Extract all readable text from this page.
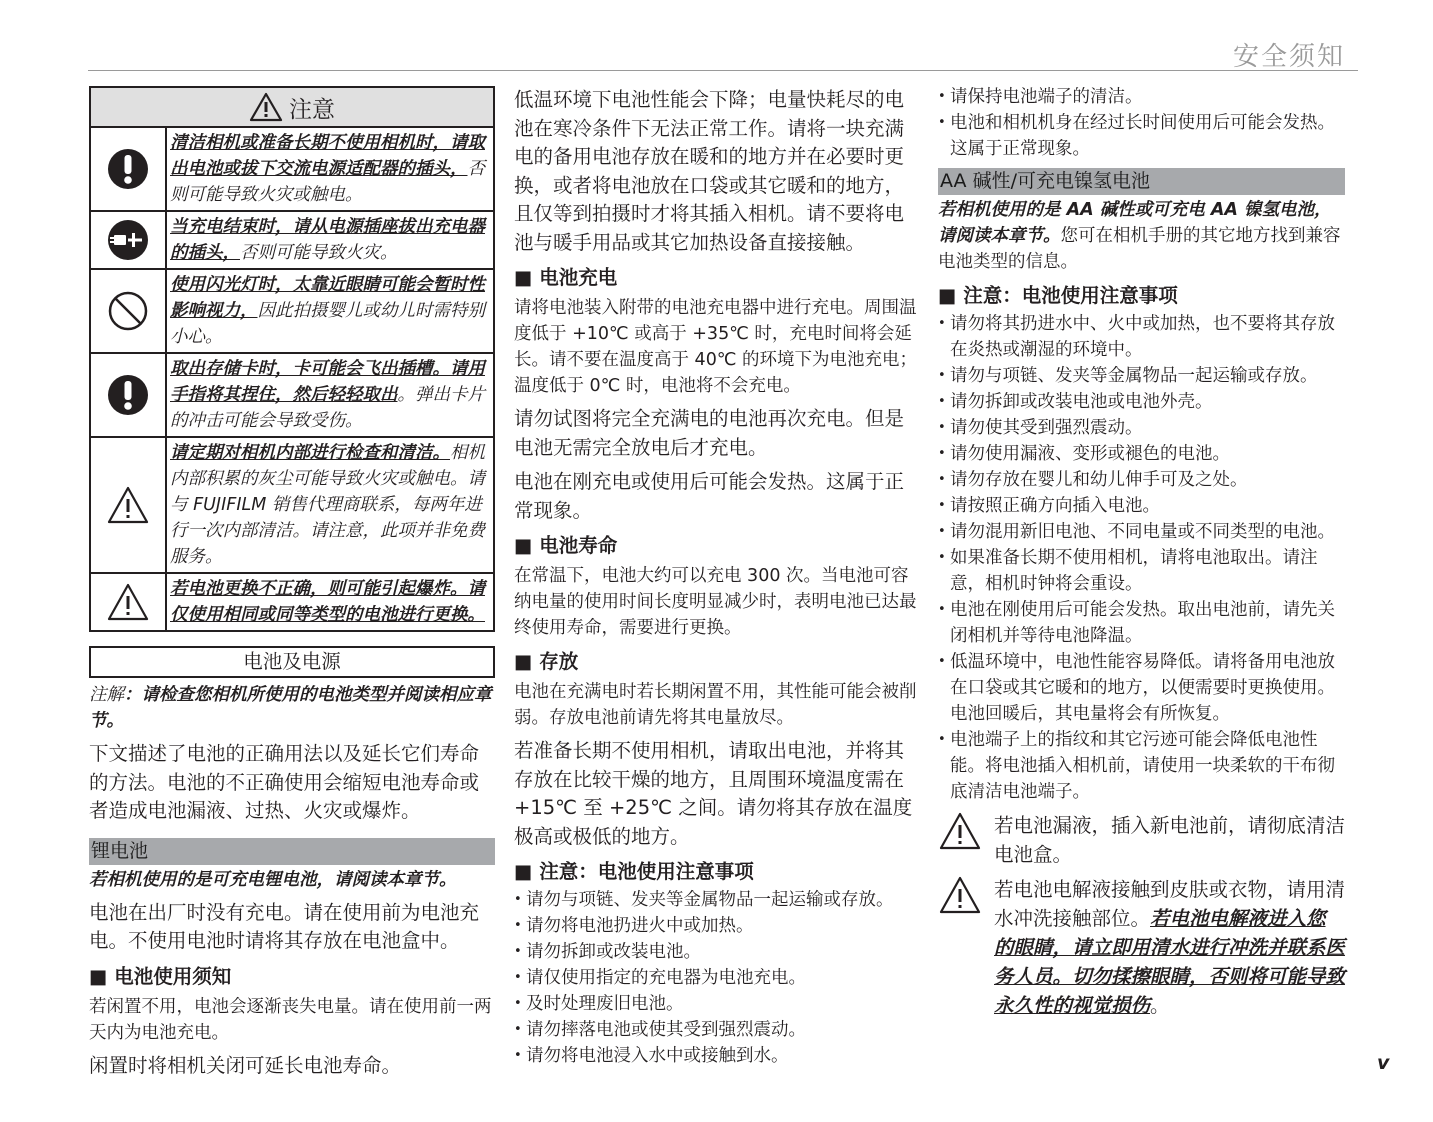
安全须知
注意
清洁相机或准备长期不使用相机时，请取出电池或拔下交流电源适配器的插头，否则可能导致火灾或触电。
当充电结束时，请从电源插座拔出充电器的插头，否则可能导致火灾。
使用闪光灯时，太靠近眼睛可能会暂时性影响视力，因此拍摄婴儿或幼儿时需特别小心。
取出存储卡时，卡可能会飞出插槽。请用手指将其捏住，然后轻轻取出。弹出卡片的冲击可能会导致受伤。
请定期对相机内部进行检查和清洁。相机内部积累的灰尘可能导致火灾或触电。请与 FUJIFILM 销售代理商联系，每两年进行一次内部清洁。请注意，此项并非免费服务。
若电池更换不正确，则可能引起爆炸。请仅使用相同或同等类型的电池进行更换。
电池及电源
注解：请检查您相机所使用的电池类型并阅读相应章节。
下文描述了电池的正确用法以及延长它们寿命的方法。电池的不正确使用会缩短电池寿命或者造成电池漏液、过热、火灾或爆炸。
锂电池
若相机使用的是可充电锂电池，请阅读本章节。
电池在出厂时没有充电。请在使用前为电池充电。不使用电池时请将其存放在电池盒中。
■ 电池使用须知
若闲置不用，电池会逐渐丧失电量。请在使用前一两天内为电池充电。
闲置时将相机关闭可延长电池寿命。
低温环境下电池性能会下降；电量快耗尽的电池在寒冷条件下无法正常工作。请将一块充满电的备用电池存放在暖和的地方并在必要时更换，或者将电池放在口袋或其它暖和的地方，且仅等到拍摄时才将其插入相机。请不要将电池与暖手用品或其它加热设备直接接触。
■ 电池充电
请将电池装入附带的电池充电器中进行充电。周围温度低于 +10℃ 或高于 +35℃ 时，充电时间将会延长。请不要在温度高于 40℃ 的环境下为电池充电；温度低于 0℃ 时，电池将不会充电。
请勿试图将完全充满电的电池再次充电。但是电池无需完全放电后才充电。
电池在刚充电或使用后可能会发热。这属于正常现象。
■ 电池寿命
在常温下，电池大约可以充电 300 次。当电池可容纳电量的使用时间长度明显减少时，表明电池已达最终使用寿命，需要进行更换。
■ 存放
电池在充满电时若长期闲置不用，其性能可能会被削弱。存放电池前请先将其电量放尽。
若准备长期不使用相机，请取出电池，并将其存放在比较干燥的地方，且周围环境温度需在 +15℃ 至 +25℃ 之间。请勿将其存放在温度极高或极低的地方。
■ 注意：电池使用注意事项
• 请勿与项链、发夹等金属物品一起运输或存放。
• 请勿将电池扔进火中或加热。
• 请勿拆卸或改装电池。
• 请仅使用指定的充电器为电池充电。
• 及时处理废旧电池。
• 请勿摔落电池或使其受到强烈震动。
• 请勿将电池浸入水中或接触到水。
• 请保持电池端子的清洁。
• 电池和相机机身在经过长时间使用后可能会发热。这属于正常现象。
AA 碱性/可充电镍氢电池
若相机使用的是 AA 碱性或可充电 AA 镍氢电池，请阅读本章节。您可在相机手册的其它地方找到兼容电池类型的信息。
■ 注意：电池使用注意事项
• 请勿将其扔进水中、火中或加热，也不要将其存放在炎热或潮湿的环境中。
• 请勿与项链、发夹等金属物品一起运输或存放。
• 请勿拆卸或改装电池或电池外壳。
• 请勿使其受到强烈震动。
• 请勿使用漏液、变形或褪色的电池。
• 请勿存放在婴儿和幼儿伸手可及之处。
• 请按照正确方向插入电池。
• 请勿混用新旧电池、不同电量或不同类型的电池。
• 如果准备长期不使用相机，请将电池取出。请注意，相机时钟将会重设。
• 电池在刚使用后可能会发热。取出电池前，请先关闭相机并等待电池降温。
• 低温环境中，电池性能容易降低。请将备用电池放在口袋或其它暖和的地方，以便需要时更换使用。电池回暖后，其电量将会有所恢复。
• 电池端子上的指纹和其它污迹可能会降低电池性能。将电池插入相机前，请使用一块柔软的干布彻底清洁电池端子。
若电池漏液，插入新电池前，请彻底清洁电池盒。
若电池电解液接触到皮肤或衣物，请用清水冲洗接触部位。若电池电解液进入您的眼睛，请立即用清水进行冲洗并联系医务人员。切勿揉擦眼睛，否则将可能导致永久性的视觉损伤。
v
